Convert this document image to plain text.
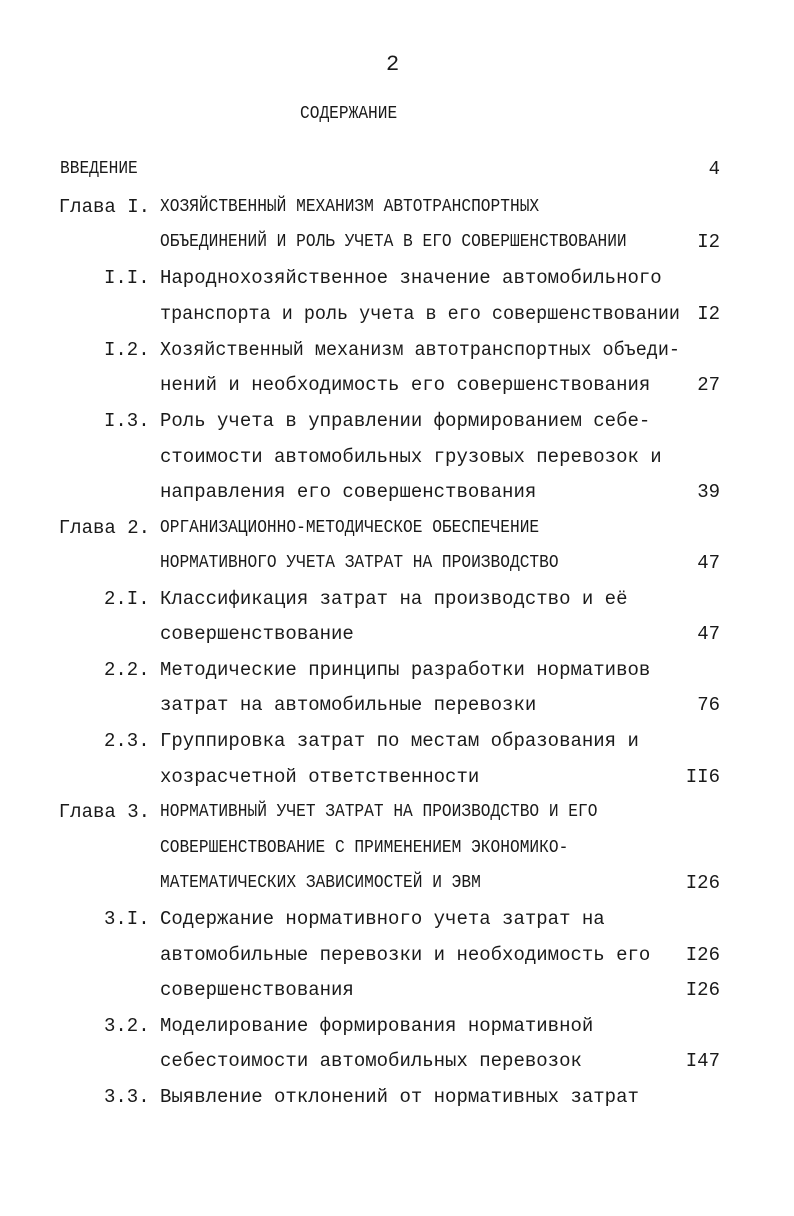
2
СОДЕРЖАНИЕ
ВВЕДЕНИЕ	4
Глава I. ХОЗЯЙСТВЕННЫЙ МЕХАНИЗМ АВТОТРАНСПОРТНЫХ
ОБЪЕДИНЕНИЙ И РОЛЬ УЧЕТА В ЕГО СОВЕРШЕНСТВОВАНИИ	I2
I.I. Народнохозяйственное значение автомобильного
транспорта и роль учета в его совершенствовании I2
I.2. Хозяйственный механизм автотранспортных объеди-
нений и необходимость его совершенствования	27
I.3. Роль учета в управлении формированием себе-
стоимости автомобильных грузовых перевозок и
направления его совершенствования	39
Глава 2. ОРГАНИЗАЦИОННО-МЕТОДИЧЕСКОЕ ОБЕСПЕЧЕНИЕ
НОРМАТИВНОГО УЧЕТА ЗАТРАТ НА ПРОИЗВОДСТВО	47
2.I. Классификация затрат на производство и её
совершенствование	47
2.2. Методические принципы разработки нормативов
затрат на автомобильные перевозки	76
2.3. Группировка затрат по местам образования и
хозрасчетной ответственности	II6
Глава 3. НОРМАТИВНЫЙ УЧЕТ ЗАТРАТ НА ПРОИЗВОДСТВО И ЕГО
СОВЕРШЕНСТВОВАНИЕ С ПРИМЕНЕНИЕМ ЭКОНОМИКО-
МАТЕМАТИЧЕСКИХ ЗАВИСИМОСТЕЙ И ЭВМ	I26
3.I. Содержание нормативного учета затрат на
автомобильные перевозки и необходимость его	I26
совершенствования	I26
3.2. Моделирование формирования нормативной
себестоимости автомобильных перевозок	I47
3.3. Выявление отклонений от нормативных затрат
